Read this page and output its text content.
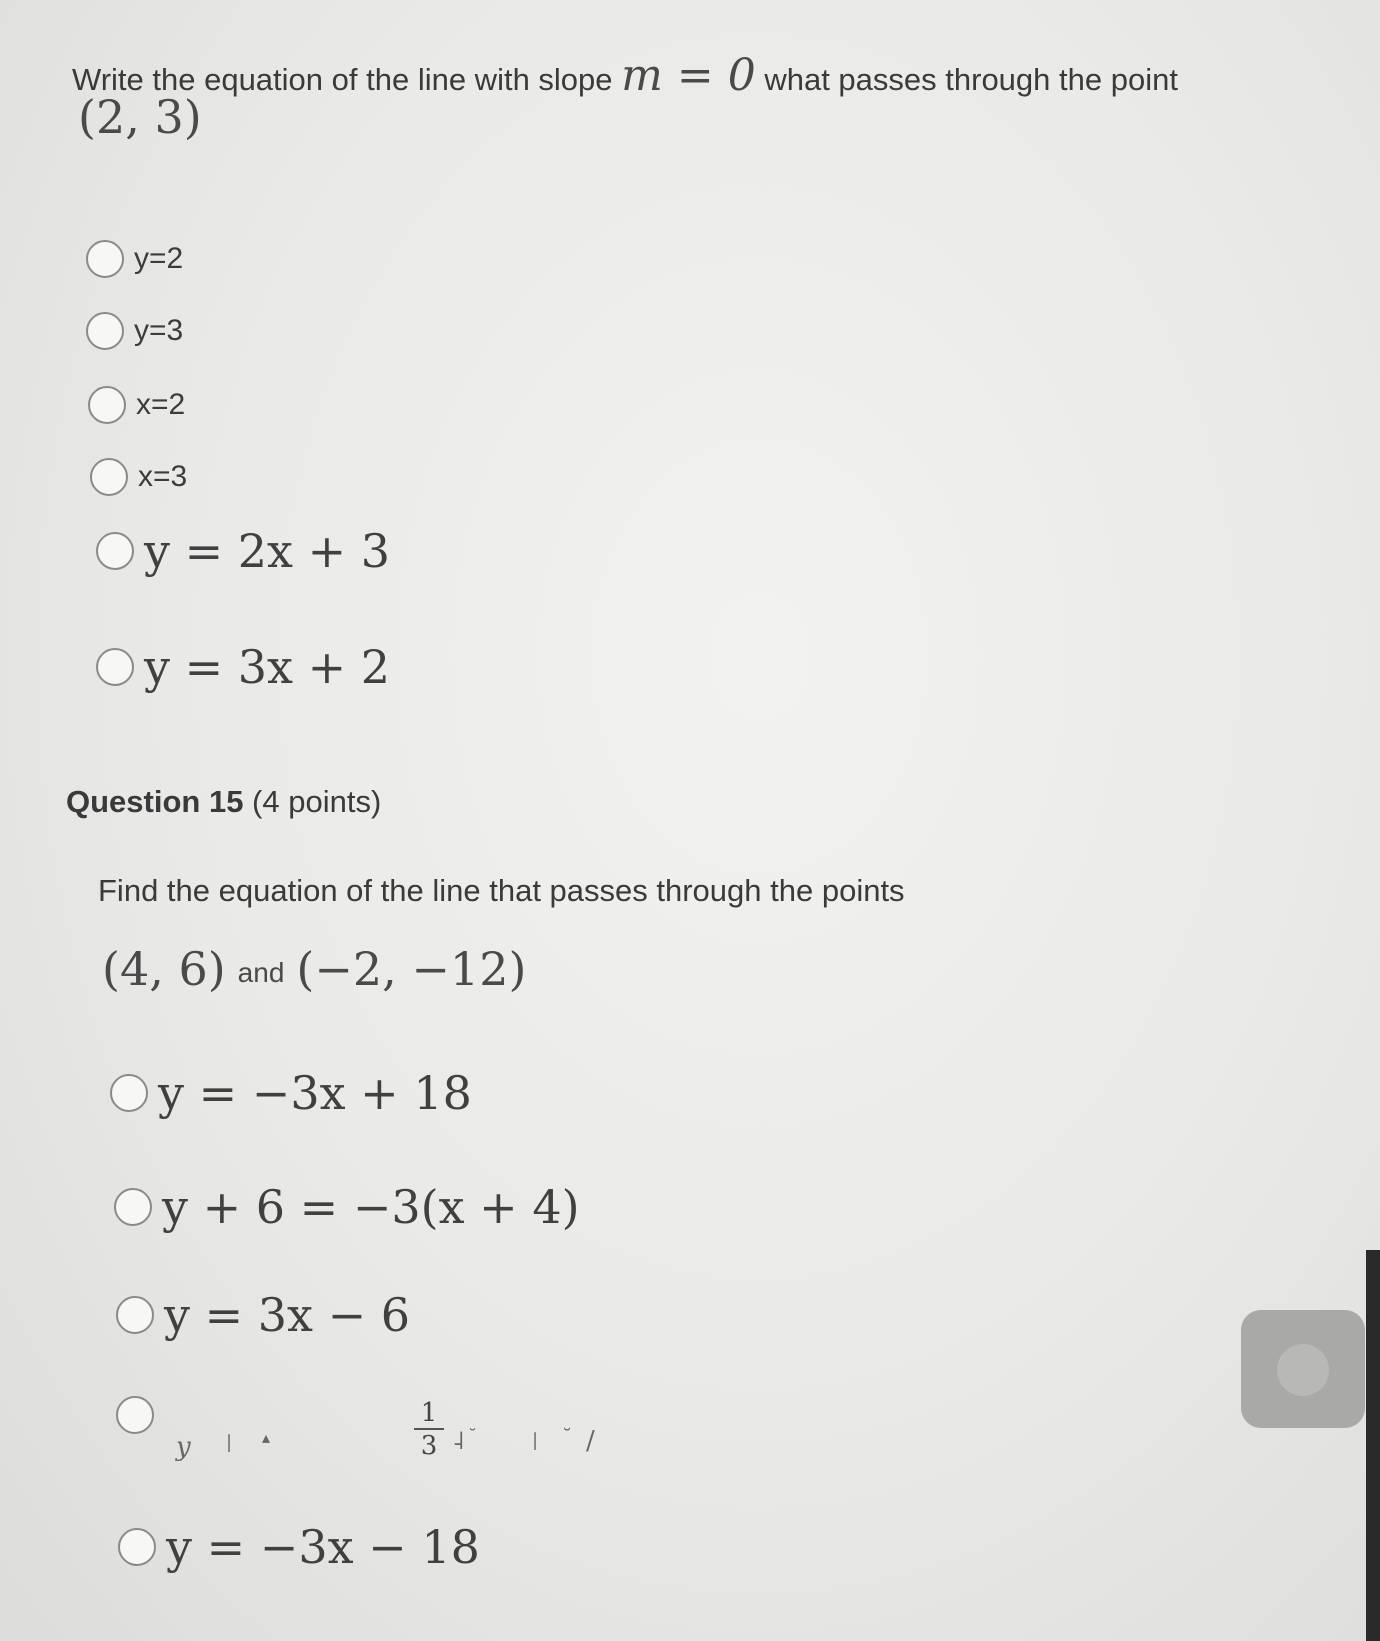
Write the equation of the line with slope m = 0 what passes through the point
(2, 3)
y=2
y=3
x=2
x=3
y = 2x + 3
y = 3x + 2
Question 15 (4 points)
Find the equation of the line that passes through the points
(4, 6) and (−2, −12)
y = −3x + 18
y + 6 = −3(x + 4)
y = 3x − 6
𝑦 | ▴	$\frac{1}{3}$ ˨ ˘	| ˘ /
y = −3x − 18
